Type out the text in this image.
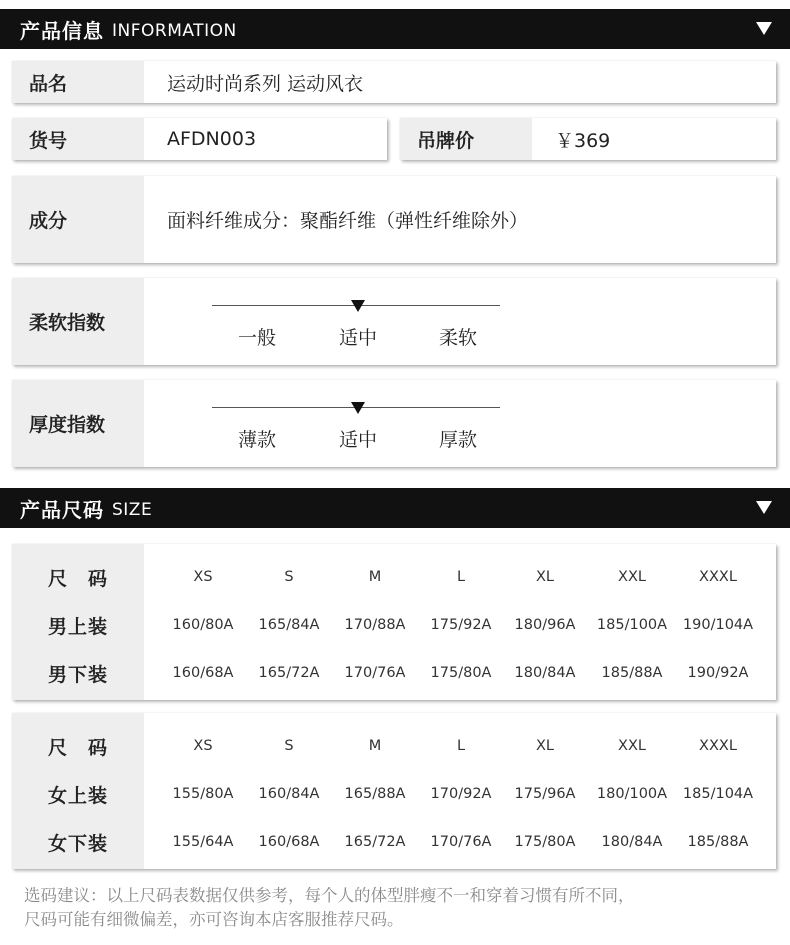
产品信息 INFORMATION
品名	运动时尚系列 运动风衣
货号	AFDN003	吊牌价	￥369
成分	面料纤维成分：聚酯纤维（弹性纤维除外）
柔软指数
一般	适中	柔软
厚度指数
薄款	适中	厚款
产品尺码 SIZE
尺　码	XS	S	M	L	XL	XXL	XXXL
男上装	160/80A	165/84A	170/88A	175/92A	180/96A	185/100A	190/104A
男下装	160/68A	165/72A	170/76A	175/80A	180/84A	185/88A	190/92A
尺　码	XS	S	M	L	XL	XXL	XXXL
女上装	155/80A	160/84A	165/88A	170/92A	175/96A	180/100A	185/104A
女下装	155/64A	160/68A	165/72A	170/76A	175/80A	180/84A	185/88A
选码建议：以上尺码表数据仅供参考，每个人的体型胖瘦不一和穿着习惯有所不同，
尺码可能有细微偏差，亦可咨询本店客服推荐尺码。
